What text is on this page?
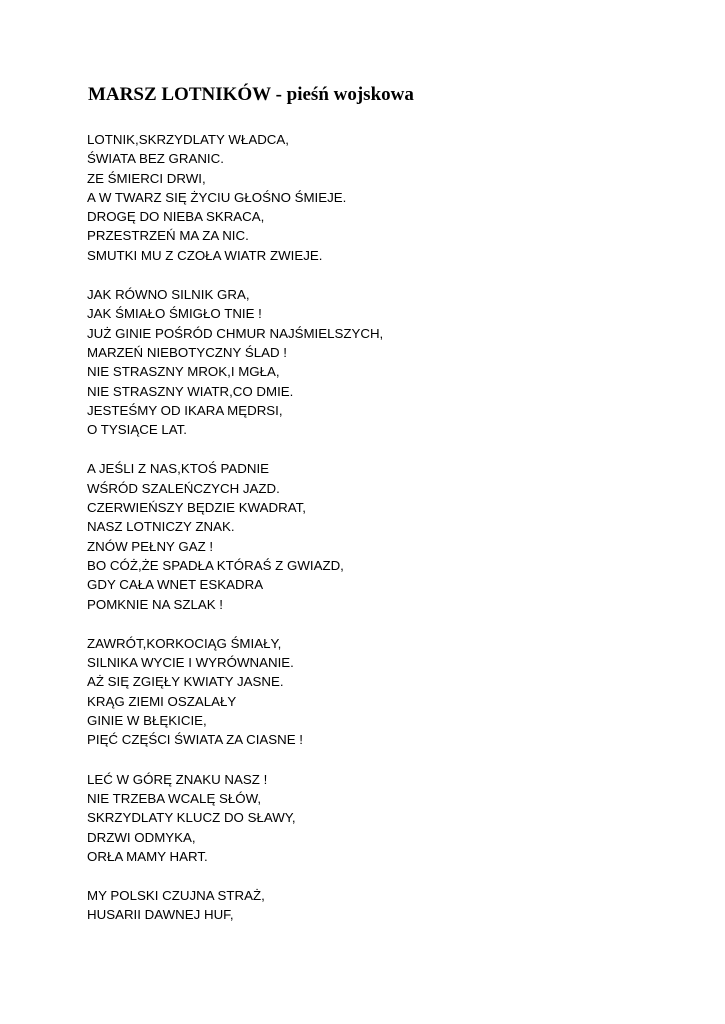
MARSZ LOTNIKÓW - pieśń wojskowa
LOTNIK,SKRZYDLATY WŁADCA,
ŚWIATA BEZ GRANIC.
ZE ŚMIERCI DRWI,
A W TWARZ SIĘ ŻYCIU GŁOŚNO ŚMIEJE.
DROGĘ DO NIEBA SKRACA,
PRZESTRZEŃ MA ZA NIC.
SMUTKI MU Z CZOŁA WIATR ZWIEJE.
JAK RÓWNO SILNIK GRA,
JAK ŚMIAŁO ŚMIGŁO TNIE !
JUŻ GINIE POŚRÓD CHMUR NAJŚMIELSZYCH,
MARZEŃ NIEBOTYCZNY ŚLAD !
NIE STRASZNY MROK,I MGŁA,
NIE STRASZNY WIATR,CO DMIE.
JESTEŚMY OD IKARA MĘDRSI,
O TYSIĄCE LAT.
A JEŚLI Z NAS,KTOŚ PADNIE
WŚRÓD SZALEŃCZYCH JAZD.
CZERWIEŃSZY BĘDZIE KWADRAT,
NASZ LOTNICZY ZNAK.
ZNÓW PEŁNY GAZ !
BO CÓŻ,ŻE SPADŁA KTÓRAŚ Z GWIAZD,
GDY CAŁA WNET ESKADRA
POMKNIE NA SZLAK !
ZAWRÓT,KORKOCIĄG ŚMIAŁY,
SILNIKA WYCIE I WYRÓWNANIE.
AŻ SIĘ ZGIĘŁY KWIATY JASNE.
KRĄG ZIEMI OSZALAŁY
GINIE W BŁĘKICIE,
PIĘĆ CZĘŚCI ŚWIATA ZA CIASNE !
LEĆ W GÓRĘ ZNAKU NASZ !
NIE TRZEBA WCALĘ SŁÓW,
SKRZYDLATY KLUCZ DO SŁAWY,
DRZWI ODMYKA,
ORŁA MAMY HART.
MY POLSKI CZUJNA STRAŻ,
HUSARII DAWNEJ HUF,
